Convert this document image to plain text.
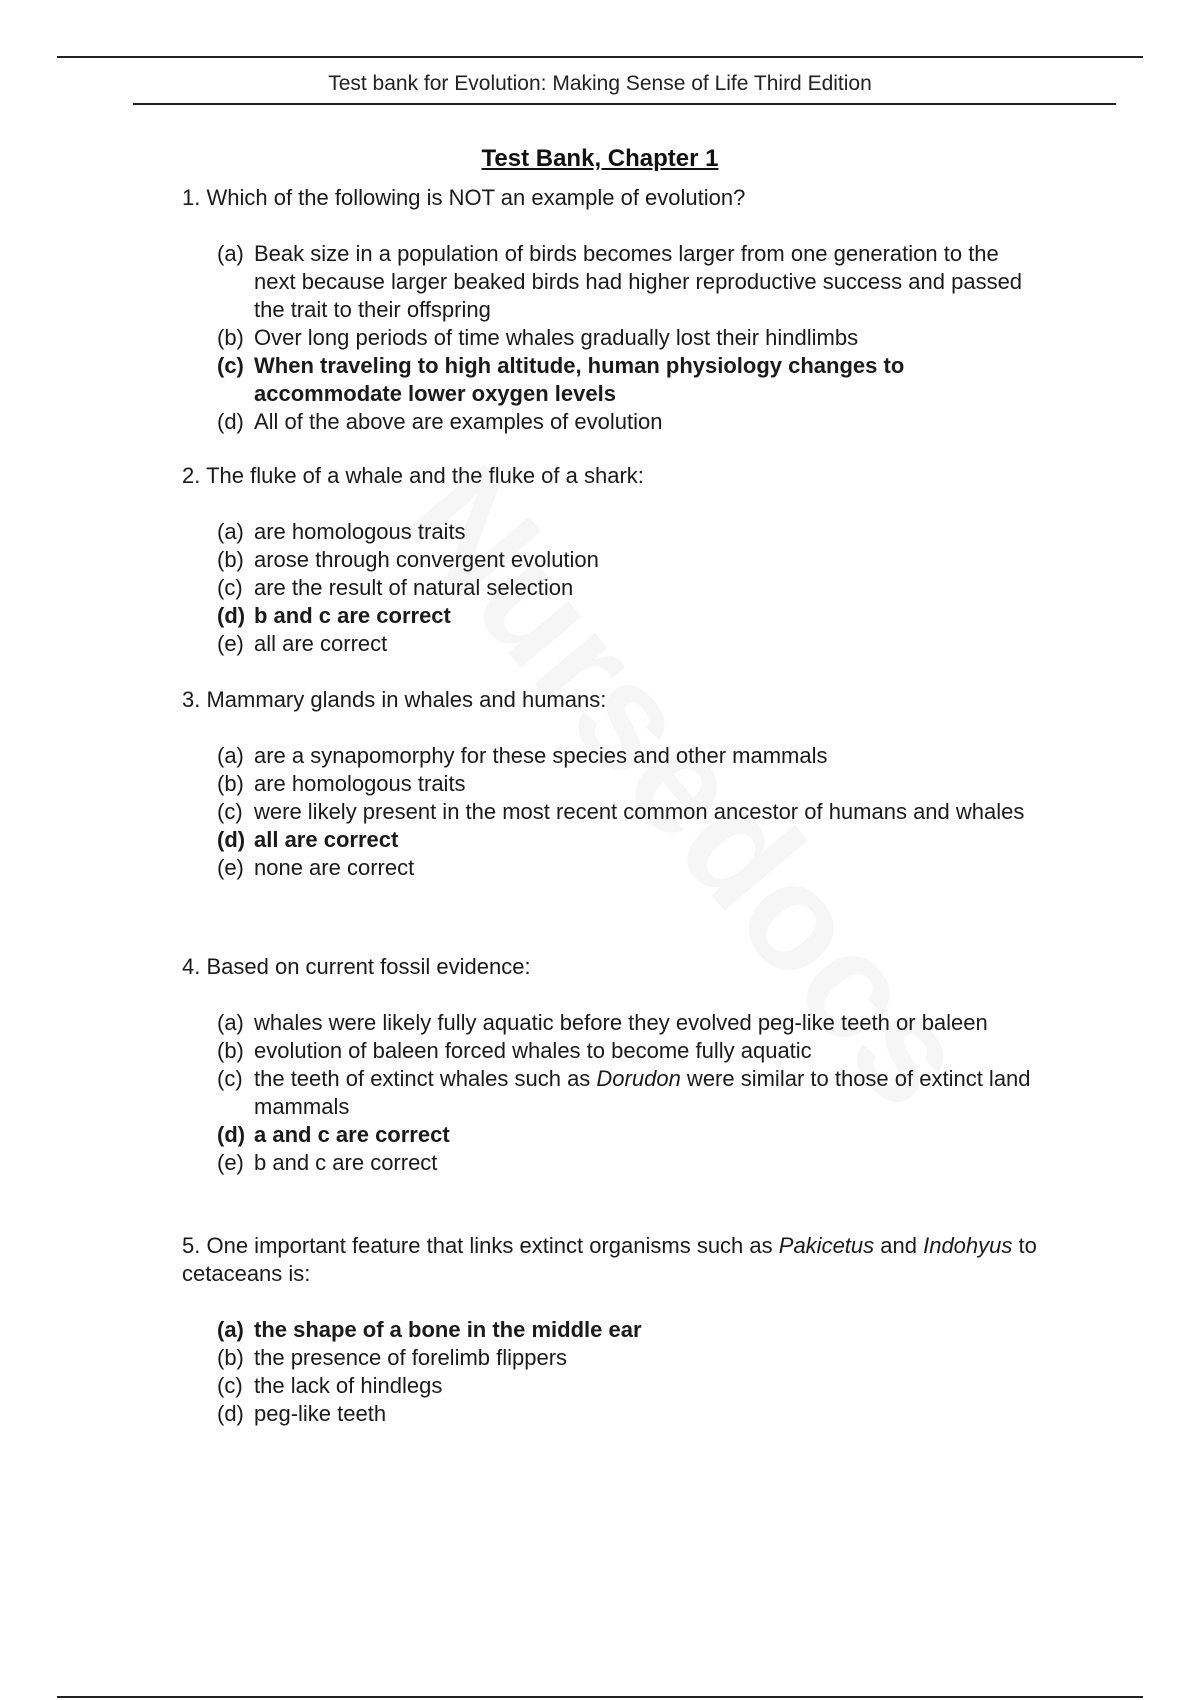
Test bank for Evolution: Making Sense of Life Third Edition
Test Bank, Chapter 1

1. Which of the following is NOT an example of evolution?

(a) Beak size in a population of birds becomes larger from one generation to the next because larger beaked birds had higher reproductive success and passed the trait to their offspring
(b) Over long periods of time whales gradually lost their hindlimbs
(c) When traveling to high altitude, human physiology changes to accommodate lower oxygen levels
(d) All of the above are examples of evolution

2. The fluke of a whale and the fluke of a shark:

(a) are homologous traits
(b) arose through convergent evolution
(c) are the result of natural selection
(d) b and c are correct
(e) all are correct

3. Mammary glands in whales and humans:

(a) are a synapomorphy for these species and other mammals
(b) are homologous traits
(c) were likely present in the most recent common ancestor of humans and whales
(d) all are correct
(e) none are correct

4. Based on current fossil evidence:

(a) whales were likely fully aquatic before they evolved peg-like teeth or baleen
(b) evolution of baleen forced whales to become fully aquatic
(c) the teeth of extinct whales such as Dorudon were similar to those of extinct land mammals
(d) a and c are correct
(e) b and c are correct

5. One important feature that links extinct organisms such as Pakicetus and Indohyus to cetaceans is:

(a) the shape of a bone in the middle ear
(b) the presence of forelimb flippers
(c) the lack of hindlegs
(d) peg-like teeth
